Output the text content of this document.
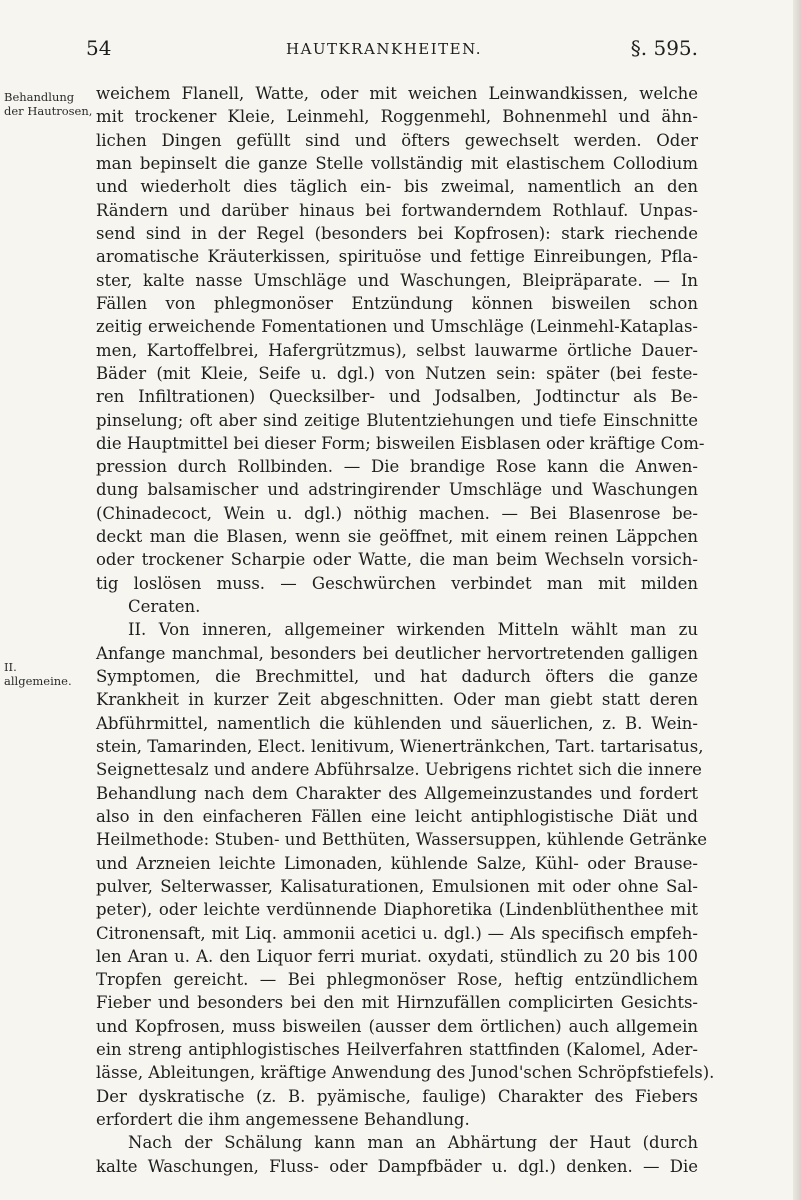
54	HAUTKRANKHEITEN.	§. 595.
Behandlung der Hautrosen,
II. allgemeine.
weichem Flanell, Watte, oder mit weichen Leinwandkissen, welche
mit trockener Kleie, Leinmehl, Roggenmehl, Bohnenmehl und ähn-
lichen Dingen gefüllt sind und öfters gewechselt werden. Oder
man bepinselt die ganze Stelle vollständig mit elastischem Collodium
und wiederholt dies täglich ein- bis zweimal, namentlich an den
Rändern und darüber hinaus bei fortwanderndem Rothlauf. Unpas-
send sind in der Regel (besonders bei Kopfrosen): stark riechende
aromatische Kräuterkissen, spirituöse und fettige Einreibungen, Pfla-
ster, kalte nasse Umschläge und Waschungen, Bleipräparate. — In
Fällen von phlegmonöser Entzündung können bisweilen schon
zeitig erweichende Fomentationen und Umschläge (Leinmehl-Kataplas-
men, Kartoffelbrei, Hafergrützmus), selbst lauwarme örtliche Dauer-
Bäder (mit Kleie, Seife u. dgl.) von Nutzen sein: später (bei feste-
ren Infiltrationen) Quecksilber- und Jodsalben, Jodtinctur als Be-
pinselung; oft aber sind zeitige Blutentziehungen und tiefe Einschnitte
die Hauptmittel bei dieser Form; bisweilen Eisblasen oder kräftige Com-
pression durch Rollbinden. — Die brandige Rose kann die Anwen-
dung balsamischer und adstringirender Umschläge und Waschungen
(Chinadecoct, Wein u. dgl.) nöthig machen. — Bei Blasenrose be-
deckt man die Blasen, wenn sie geöffnet, mit einem reinen Läppchen
oder trockener Scharpie oder Watte, die man beim Wechseln vorsich-
tig loslösen muss. — Geschwürchen verbindet man mit milden
Ceraten.
II. Von inneren, allgemeiner wirkenden Mitteln wählt man zu
Anfange manchmal, besonders bei deutlicher hervortretenden galligen
Symptomen, die Brechmittel, und hat dadurch öfters die ganze
Krankheit in kurzer Zeit abgeschnitten. Oder man giebt statt deren
Abführmittel, namentlich die kühlenden und säuerlichen, z. B. Wein-
stein, Tamarinden, Elect. lenitivum, Wienertränkchen, Tart. tartarisatus,
Seignettesalz und andere Abführsalze. Uebrigens richtet sich die innere
Behandlung nach dem Charakter des Allgemeinzustandes und fordert
also in den einfacheren Fällen eine leicht antiphlogistische Diät und
Heilmethode: Stuben- und Betthüten, Wassersuppen, kühlende Getränke
und Arzneien leichte Limonaden, kühlende Salze, Kühl- oder Brause-
pulver, Selterwasser, Kalisaturationen, Emulsionen mit oder ohne Sal-
peter), oder leichte verdünnende Diaphoretika (Lindenblüthenthee mit
Citronensaft, mit Liq. ammonii acetici u. dgl.) — Als specifisch empfeh-
len Aran u. A. den Liquor ferri muriat. oxydati, stündlich zu 20 bis 100
Tropfen gereicht. — Bei phlegmonöser Rose, heftig entzündlichem
Fieber und besonders bei den mit Hirnzufällen complicirten Gesichts-
und Kopfrosen, muss bisweilen (ausser dem örtlichen) auch allgemein
ein streng antiphlogistisches Heilverfahren stattfinden (Kalomel, Ader-
lässe, Ableitungen, kräftige Anwendung des Junod'schen Schröpfstiefels).
Der dyskratische (z. B. pyämische, faulige) Charakter des Fiebers
erfordert die ihm angemessene Behandlung.
Nach der Schälung kann man an Abhärtung der Haut (durch
kalte Waschungen, Fluss- oder Dampfbäder u. dgl.) denken. — Die
